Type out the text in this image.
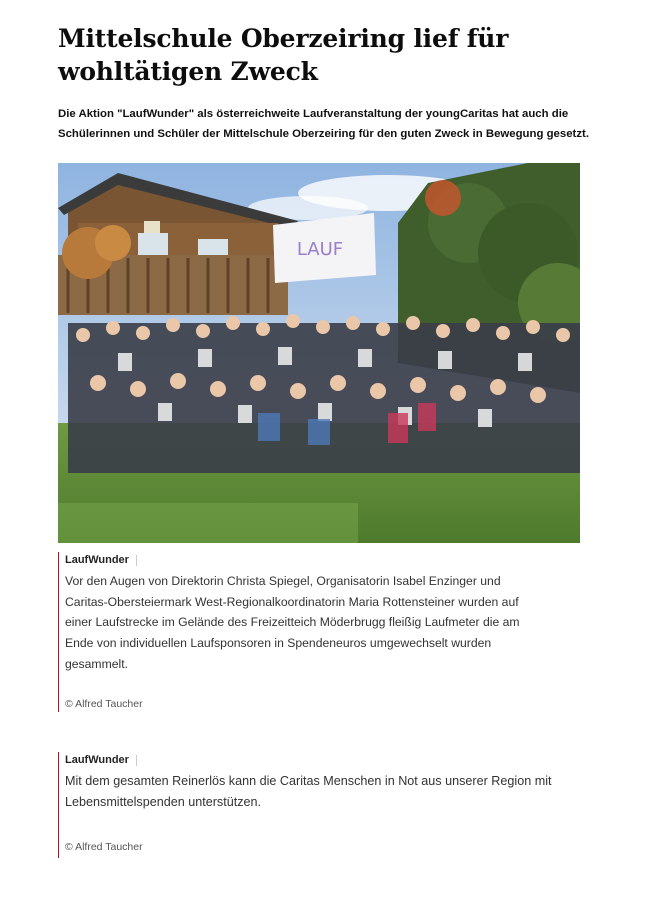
Mittelschule Oberzeiring lief für wohltätigen Zweck

Die Aktion "LaufWunder" als österreichweite Laufveranstaltung der youngCaritas hat auch die Schülerinnen und Schüler der Mittelschule Oberzeiring für den guten Zweck in Bewegung gesetzt.

LAUF
LaufWunder
Vor den Augen von Direktorin Christa Spiegel, Organisatorin Isabel Enzinger und Caritas-Obersteiermark West-Regionalkoordinatorin Maria Rottensteiner wurden auf einer Laufstrecke im Gelände des Freizeitteich Möderbrugg fleißig Laufmeter die am Ende von individuellen Laufsponsoren in Spendeneuros umgewechselt wurden gesammelt.
© Alfred Taucher
LaufWunder
Mit dem gesamten Reinerlös kann die Caritas Menschen in Not aus unserer Region mit Lebensmittelspenden unterstützen.
© Alfred Taucher
